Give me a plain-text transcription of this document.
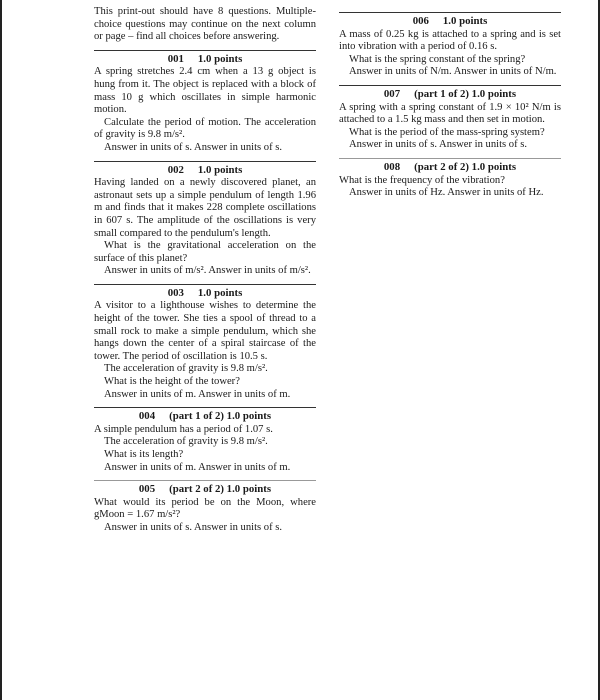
This print-out should have 8 questions. Multiple-choice questions may continue on the next column or page – find all choices before answering.

001 1.0 points

A spring stretches 2.4 cm when a 13 g object is hung from it. The object is replaced with a block of mass 10 g which oscillates in simple harmonic motion.

Calculate the period of motion. The acceleration of gravity is 9.8 m/s².

Answer in units of s. Answer in units of s.

002 1.0 points

Having landed on a newly discovered planet, an astronaut sets up a simple pendulum of length 1.96 m and finds that it makes 228 complete oscillations in 607 s. The amplitude of the oscillations is very small compared to the pendulum's length.

What is the gravitational acceleration on the surface of this planet?

Answer in units of m/s². Answer in units of m/s².

003 1.0 points

A visitor to a lighthouse wishes to determine the height of the tower. She ties a spool of thread to a small rock to make a simple pendulum, which she hangs down the center of a spiral staircase of the tower. The period of oscillation is 10.5 s.

The acceleration of gravity is 9.8 m/s².

What is the height of the tower?

Answer in units of m. Answer in units of m.

004 (part 1 of 2) 1.0 points

A simple pendulum has a period of 1.07 s.

The acceleration of gravity is 9.8 m/s².

What is its length?

Answer in units of m. Answer in units of m.

005 (part 2 of 2) 1.0 points

What would its period be on the Moon, where gMoon = 1.67 m/s²?

Answer in units of s. Answer in units of s.

006 1.0 points

A mass of 0.25 kg is attached to a spring and is set into vibration with a period of 0.16 s.

What is the spring constant of the spring?

Answer in units of N/m. Answer in units of N/m.

007 (part 1 of 2) 1.0 points

A spring with a spring constant of 1.9 × 10² N/m is attached to a 1.5 kg mass and then set in motion.

What is the period of the mass-spring system?

Answer in units of s. Answer in units of s.

008 (part 2 of 2) 1.0 points

What is the frequency of the vibration?

Answer in units of Hz. Answer in units of Hz.
